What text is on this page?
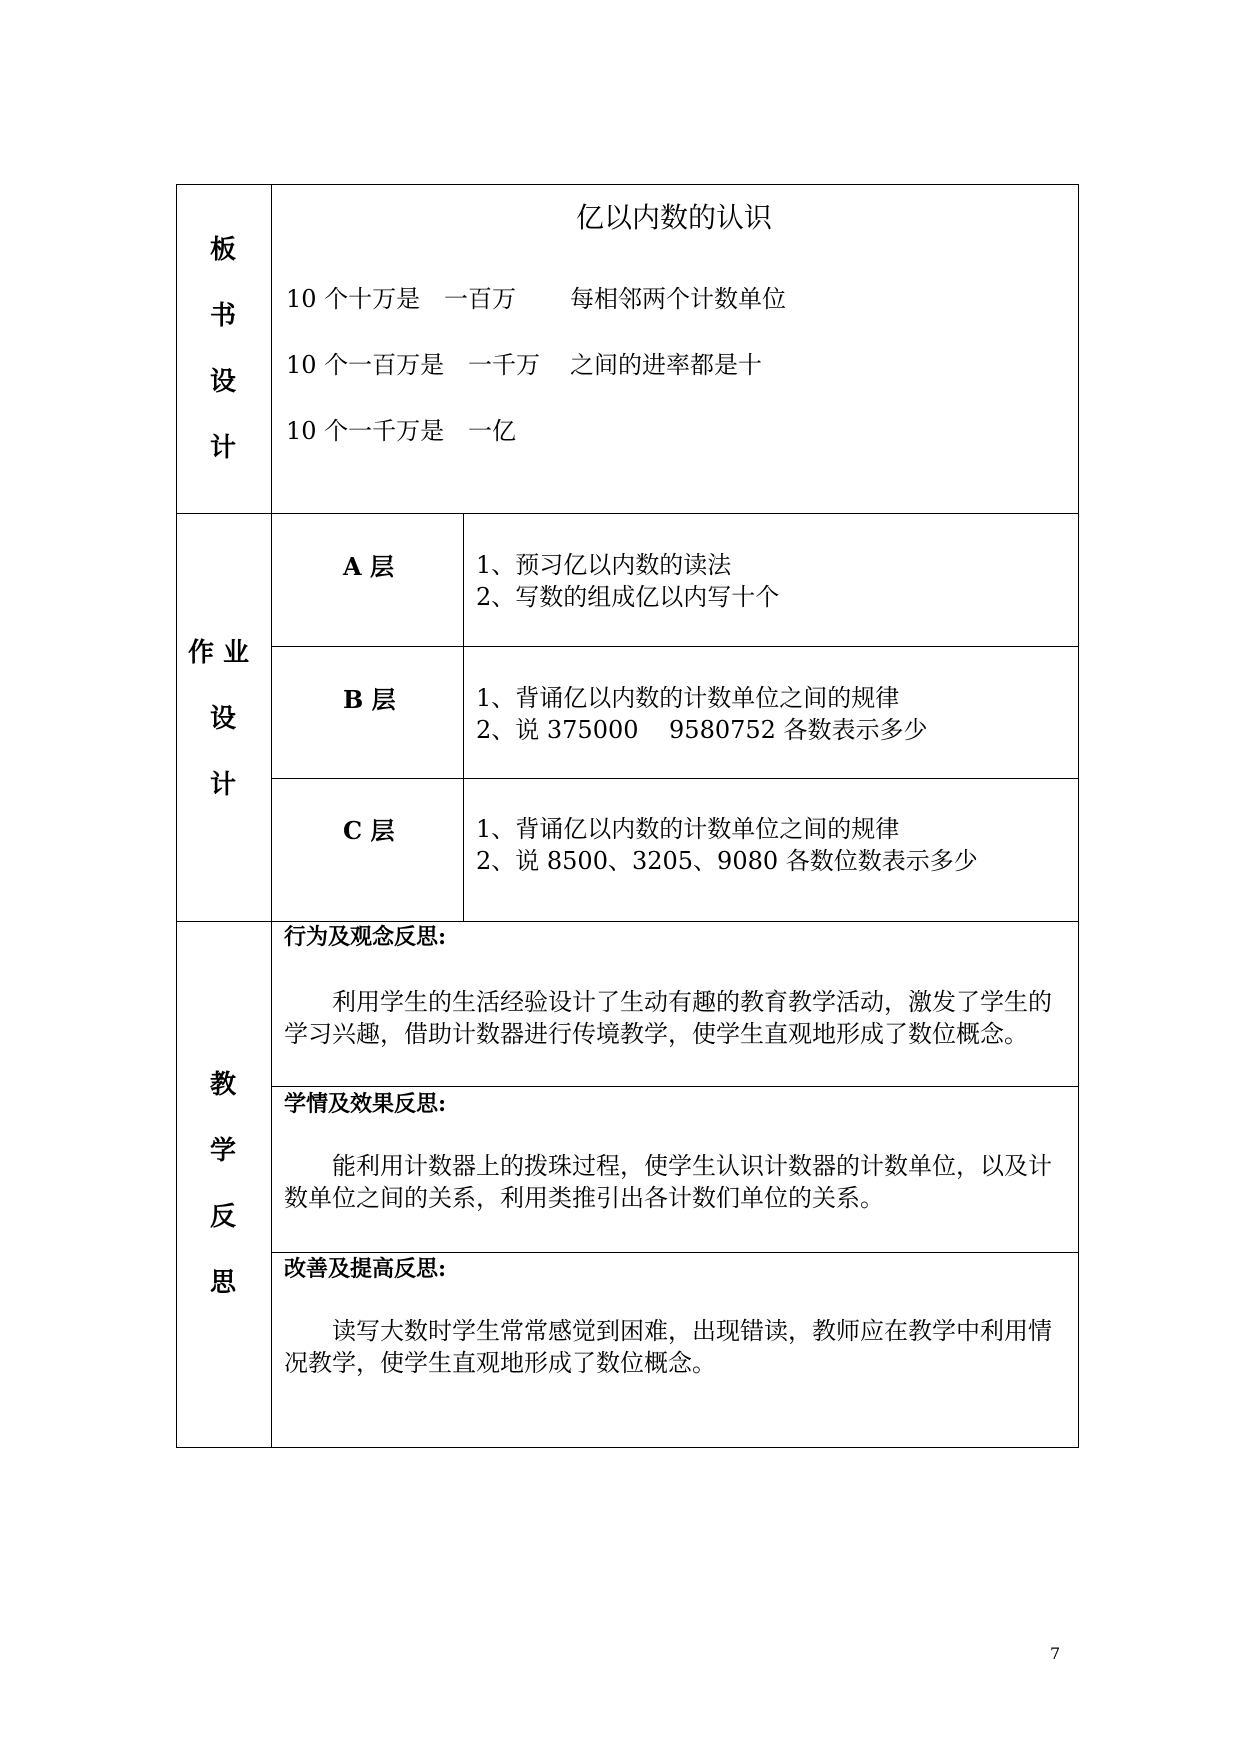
板
书
设
计
亿以内数的认识
10 个十万是 一百万 每相邻两个计数单位
10 个一百万是 一千万 之间的进率都是十
10 个一千万是 一亿
作 业
设
计
A 层	1、预习亿以内数的读法
2、写数的组成亿以内写十个
B 层	1、背诵亿以内数的计数单位之间的规律
2、说 375000    9580752 各数表示多少
C 层	1、背诵亿以内数的计数单位之间的规律
2、说 8500、3205、9080 各数位数表示多少
教
学
反
思
行为及观念反思:
利用学生的生活经验设计了生动有趣的教育教学活动，激发了学生的学习兴趣，借助计数器进行传境教学，使学生直观地形成了数位概念。
学情及效果反思:
能利用计数器上的拨珠过程，使学生认识计数器的计数单位，以及计数单位之间的关系，利用类推引出各计数们单位的关系。
改善及提高反思:
读写大数时学生常常感觉到困难，出现错读，教师应在教学中利用情况教学，使学生直观地形成了数位概念。
7
